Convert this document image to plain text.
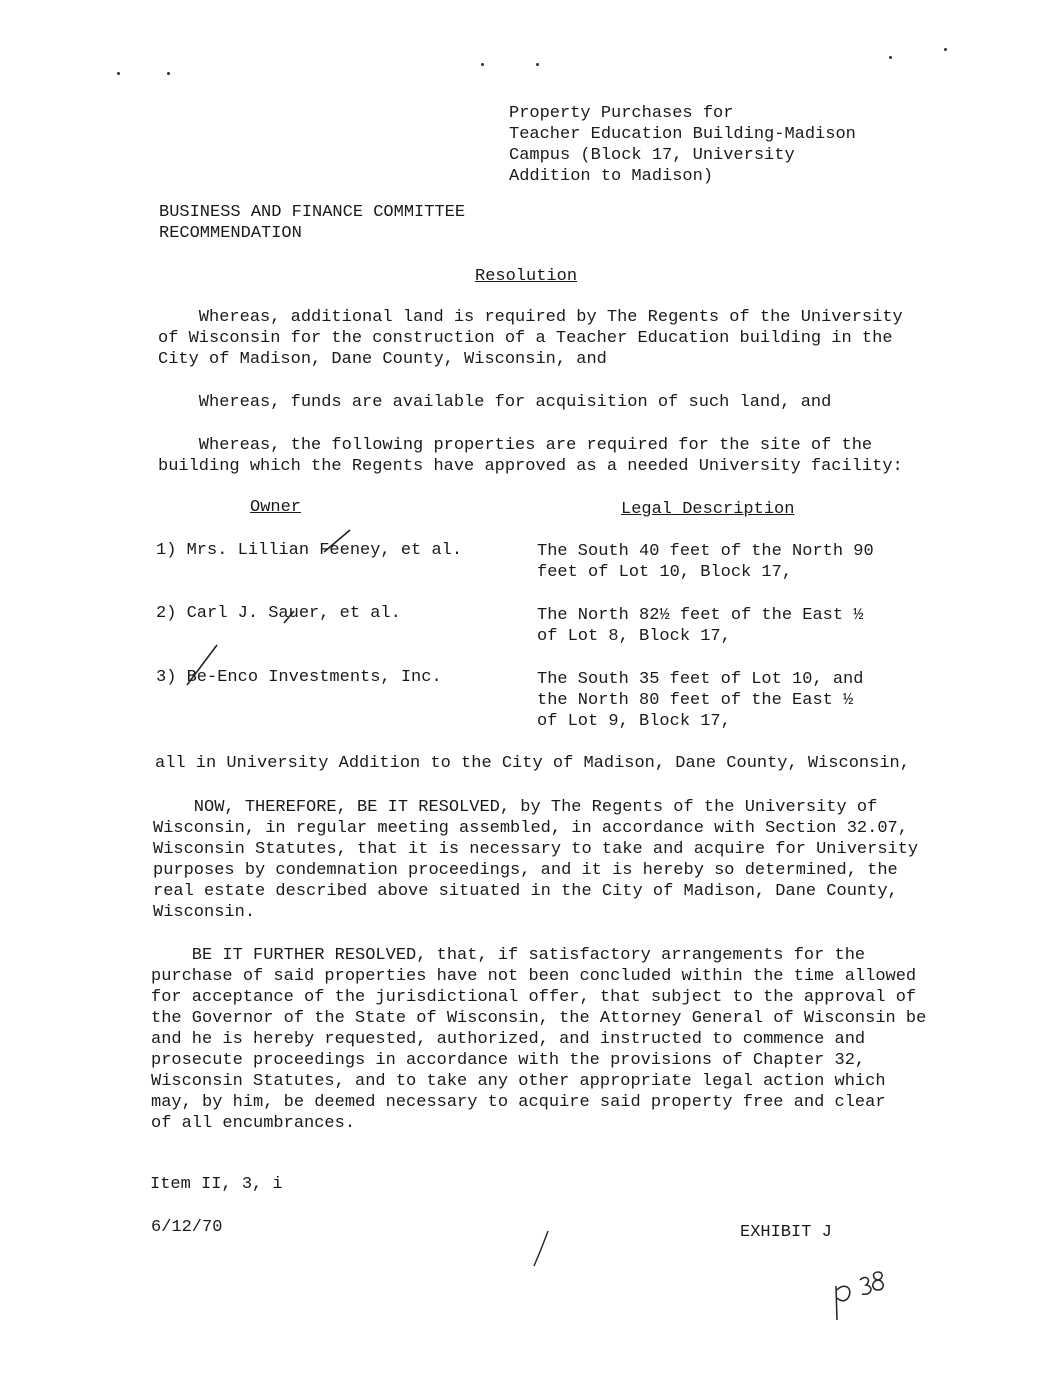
Property Purchases for
Teacher Education Building-Madison
Campus (Block 17, University
Addition to Madison)
BUSINESS AND FINANCE COMMITTEE
RECOMMENDATION
Resolution
Whereas, additional land is required by The Regents of the University
of Wisconsin for the construction of a Teacher Education building in the
City of Madison, Dane County, Wisconsin, and
Whereas, funds are available for acquisition of such land, and
Whereas, the following properties are required for the site of the
building which the Regents have approved as a needed University facility:
Owner	Legal Description
1) Mrs. Lillian Feeney, et al.	The South 40 feet of the North 90
feet of Lot 10, Block 17,
2) Carl J. Sauer, et al.	The North 82½ feet of the East ½
of Lot 8, Block 17,
3) Be-Enco Investments, Inc.	The South 35 feet of Lot 10, and
the North 80 feet of the East ½
of Lot 9, Block 17,
all in University Addition to the City of Madison, Dane County, Wisconsin,
NOW, THEREFORE, BE IT RESOLVED, by The Regents of the University of
Wisconsin, in regular meeting assembled, in accordance with Section 32.07,
Wisconsin Statutes, that it is necessary to take and acquire for University
purposes by condemnation proceedings, and it is hereby so determined, the
real estate described above situated in the City of Madison, Dane County,
Wisconsin.
BE IT FURTHER RESOLVED, that, if satisfactory arrangements for the
purchase of said properties have not been concluded within the time allowed
for acceptance of the jurisdictional offer, that subject to the approval of
the Governor of the State of Wisconsin, the Attorney General of Wisconsin be
and he is hereby requested, authorized, and instructed to commence and
prosecute proceedings in accordance with the provisions of Chapter 32,
Wisconsin Statutes, and to take any other appropriate legal action which
may, by him, be deemed necessary to acquire said property free and clear
of all encumbrances.
Item II, 3, i
6/12/70	EXHIBIT J
